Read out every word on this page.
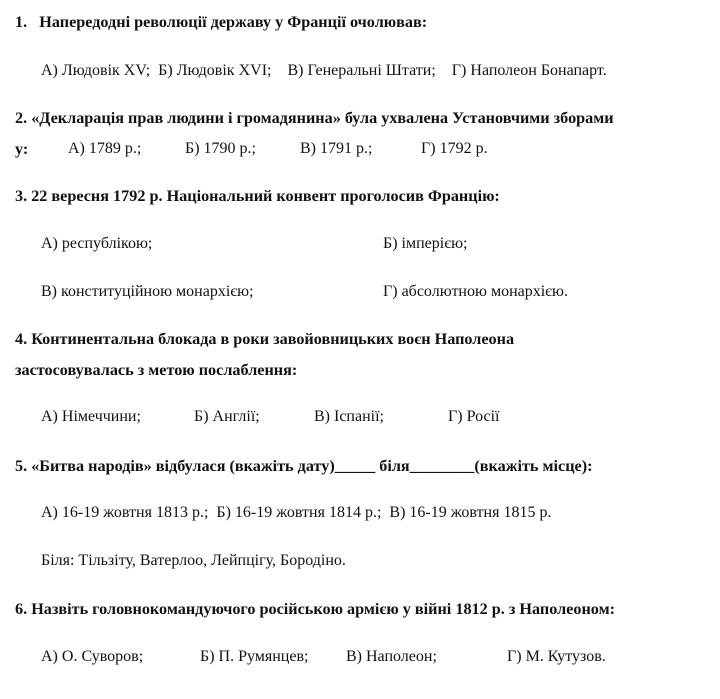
1.   Напередодні революції державу у Франції очолював:
А) Людовік XV;  Б) Людовік XVI;    В) Генеральні Штати;    Г) Наполеон Бонапарт.
2. «Декларація прав людини і громадянина» була ухвалена Установчими зборами
у: А) 1789 р.;	Б) 1790 р.;	В) 1791 р.;	Г) 1792 р.
3. 22 вересня 1792 р. Національний конвент проголосив Францію:
А) республікою;	Б) імперією;
В) конституційною монархією;	Г) абсолютною монархією.
4. Континентальна блокада в роки завойовницьких воєн Наполеона
застосовувалась з метою послаблення:
А) Німеччини;	Б) Англії;	В) Іспанії;	Г) Росії
5. «Битва народів» відбулася (вкажіть дату)_____ біля________(вкажіть місце):
А) 16-19 жовтня 1813 р.;  Б) 16-19 жовтня 1814 р.;  В) 16-19 жовтня 1815 р.
Біля: Тільзіту, Ватерлоо, Лейпцігу, Бородіно.
6. Назвіть головнокомандуючого російською армією у війні 1812 р. з Наполеоном:
А) О. Суворов;	Б) П. Румянцев; В) Наполеон;	Г) М. Кутузов.
